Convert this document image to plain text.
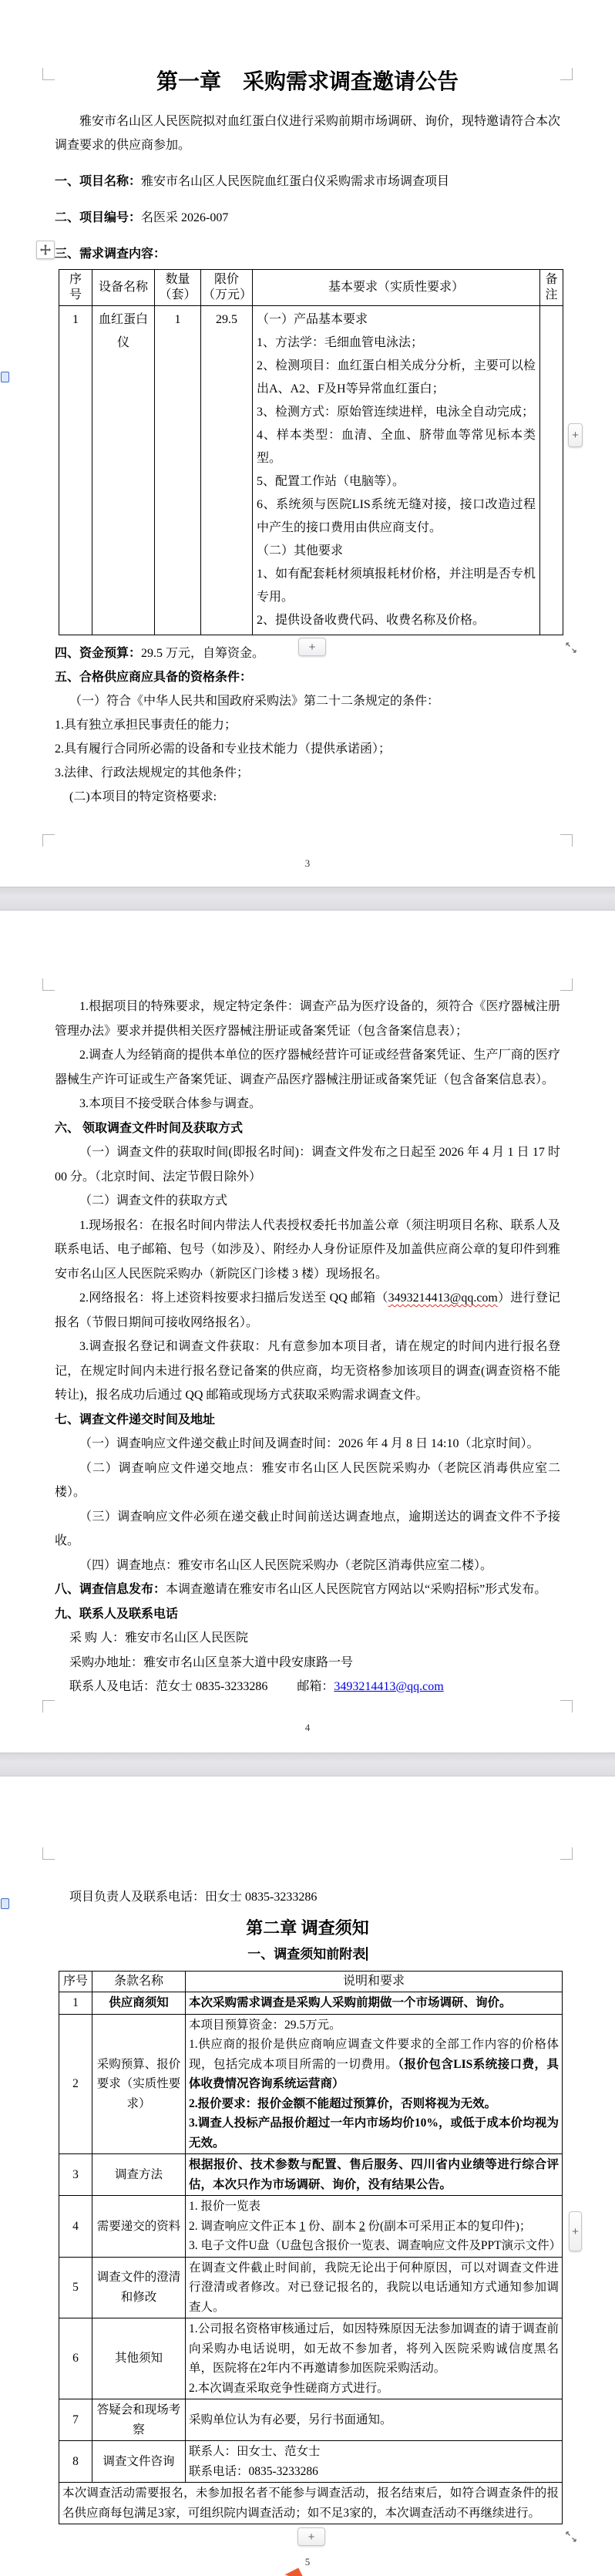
第一章　采购需求调查邀请公告

雅安市名山区人民医院拟对血红蛋白仪进行采购前期市场调研、询价，现特邀请符合本次调查要求的供应商参加。

一、项目名称：雅安市名山区人民医院血红蛋白仪采购需求市场调查项目

二、项目编号：名医采 2026-007

三、需求调查内容：

序号	设备名称	数量（套）	限价（万元）	基本要求（实质性要求）	备注
1	血红蛋白仪	1	29.5	（一）产品基本要求
1、方法学：毛细血管电泳法；
2、检测项目：血红蛋白相关成分分析，主要可以检出A、A2、F及H等异常血红蛋白；
3、检测方式：原始管连续进样，电泳全自动完成；
4、样本类型：血清、全血、脐带血等常见标本类型。
5、配置工作站（电脑等）。
6、系统须与医院LIS系统无缝对接，接口改造过程中产生的接口费用由供应商支付。
（二）其他要求
1、如有配套耗材须填报耗材价格，并注明是否专机专用。
2、提供设备收费代码、收费名称及价格。

+
+

四、资金预算：29.5 万元，自筹资金。

五、合格供应商应具备的资格条件：

（一）符合《中华人民共和国政府采购法》第二十二条规定的条件：

1.具有独立承担民事责任的能力；

2.具有履行合同所必需的设备和专业技术能力（提供承诺函）；

3.法律、行政法规规定的其他条件；

(二)本项目的特定资格要求:

3

1.根据项目的特殊要求，规定特定条件：调查产品为医疗设备的，须符合《医疗器械注册管理办法》要求并提供相关医疗器械注册证或备案凭证（包含备案信息表）；

2.调查人为经销商的提供本单位的医疗器械经营许可证或经营备案凭证、生产厂商的医疗器械生产许可证或生产备案凭证、调查产品医疗器械注册证或备案凭证（包含备案信息表）。

3.本项目不接受联合体参与调查。

六、 领取调查文件时间及获取方式

（一）调查文件的获取时间(即报名时间)：调查文件发布之日起至 2026 年 4 月 1 日 17 时 00 分。（北京时间、法定节假日除外）

（二）调查文件的获取方式

1.现场报名：在报名时间内带法人代表授权委托书加盖公章（须注明项目名称、联系人及联系电话、电子邮箱、包号（如涉及）、附经办人身份证原件及加盖供应商公章的复印件到雅安市名山区人民医院采购办（新院区门诊楼 3 楼）现场报名。

2.网络报名：将上述资料按要求扫描后发送至 QQ 邮箱（3493214413@qq.com）进行登记报名（节假日期间可接收网络报名）。

3.调查报名登记和调查文件获取：凡有意参加本项目者，请在规定的时间内进行报名登记，在规定时间内未进行报名登记备案的供应商，均无资格参加该项目的调查(调查资格不能转让)，报名成功后通过 QQ 邮箱或现场方式获取采购需求调查文件。

七、调查文件递交时间及地址

（一）调查响应文件递交截止时间及调查时间：2026 年 4 月 8 日 14:10（北京时间）。

（二）调查响应文件递交地点：雅安市名山区人民医院采购办（老院区消毒供应室二楼）。

（三）调查响应文件必须在递交截止时间前送达调查地点，逾期送达的调查文件不予接收。

（四）调查地点：雅安市名山区人民医院采购办（老院区消毒供应室二楼）。

八、调查信息发布：本调查邀请在雅安市名山区人民医院官方网站以“采购招标”形式发布。

九、联系人及联系电话

采 购 人：雅安市名山区人民医院

采购办地址：雅安市名山区皇茶大道中段安康路一号

联系人及电话：范女士 0835-3233286 邮箱：3493214413@qq.com

4

项目负责人及联系电话：田女士 0835-3233286

第二章 调查须知
一、调查须知前附表
序号	条款名称	说明和要求
1	供应商须知	本次采购需求调查是采购人采购前期做一个市场调研、询价。
2	采购预算、报价要求（实质性要求）	本项目预算资金：29.5万元。
1.供应商的报价是供应商响应调查文件要求的全部工作内容的价格体现，包括完成本项目所需的一切费用。（报价包含LIS系统接口费，具体收费情况咨询系统运营商）
2.报价要求：报价金额不能超过预算价，否则将视为无效。
3.调查人投标产品报价超过一年内市场均价10%，或低于成本价均视为无效。

3	调查方法	根据报价、技术参数与配置、售后服务、四川省内业绩等进行综合评估，本次只作为市场调研、询价，没有结果公告。
4	需要递交的资料	1. 报价一览表
2. 调查响应文件正本 1 份、副本 2 份(副本可采用正本的复印件)；
3. 电子文件U盘（U盘包含报价一览表、调查响应文件及PPT演示文件）

5	调查文件的澄清和修改	在调查文件截止时间前，我院无论出于何种原因，可以对调查文件进行澄清或者修改。对已登记报名的，我院以电话通知方式通知参加调查人。
6	其他须知	1.公司报名资格审核通过后，如因特殊原因无法参加调查的请于调查前向采购办电话说明，如无故不参加者，将列入医院采购诚信度黑名单，医院将在2年内不再邀请参加医院采购活动。
2.本次调查采取竞争性磋商方式进行。

7	答疑会和现场考察	采购单位认为有必要，另行书面通知。
8	调查文件咨询	联系人：田女士、范女士
联系电话：0835-3233286

本次调查活动需要报名，未参加报名者不能参与调查活动，报名结束后，如符合调查条件的报名供应商每包满足3家，可组织院内调查活动；如不足3家的，本次调查活动不再继续进行。		
+
+
5
